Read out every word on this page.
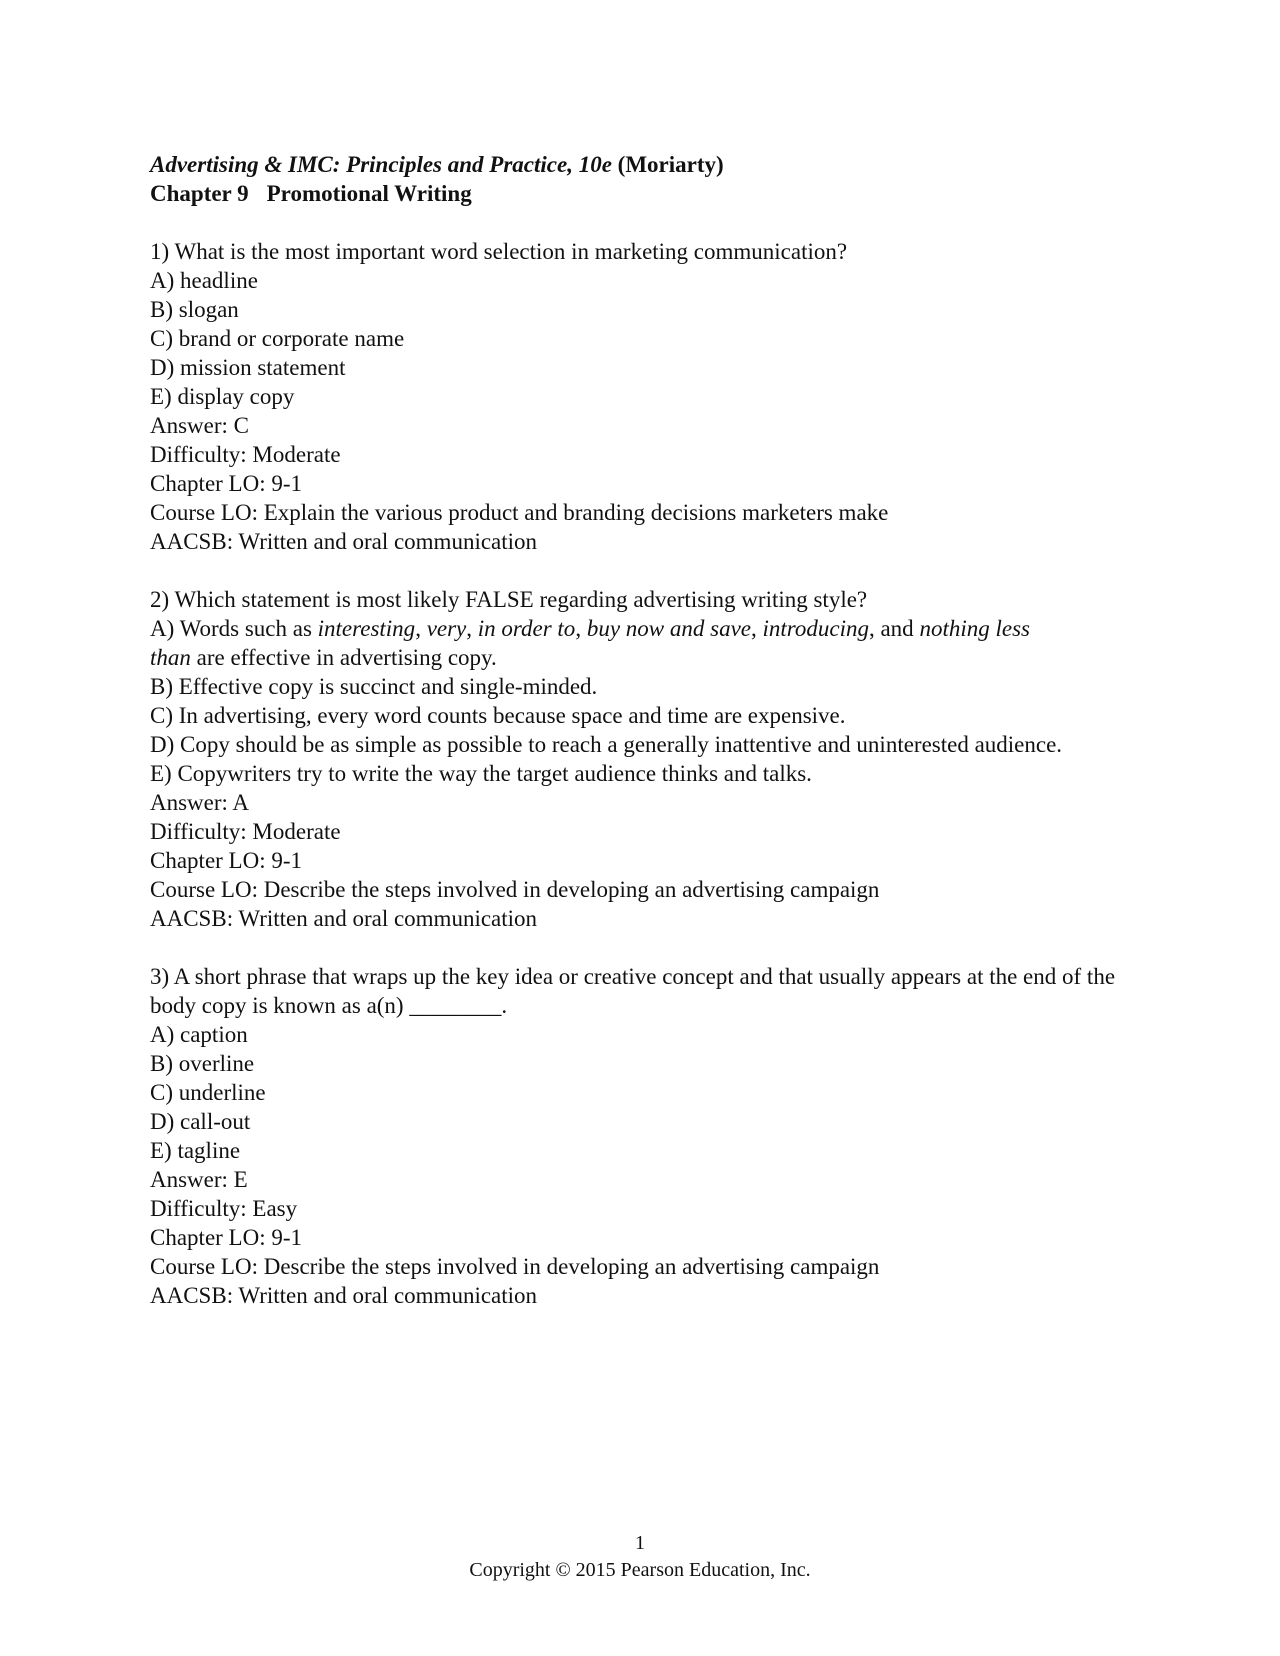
Advertising & IMC: Principles and Practice, 10e (Moriarty)
Chapter 9 Promotional Writing
1) What is the most important word selection in marketing communication?
A) headline
B) slogan
C) brand or corporate name
D) mission statement
E) display copy
Answer: C
Difficulty: Moderate
Chapter LO: 9-1
Course LO: Explain the various product and branding decisions marketers make
AACSB: Written and oral communication
2) Which statement is most likely FALSE regarding advertising writing style?
A) Words such as interesting, very, in order to, buy now and save, introducing, and nothing less
than are effective in advertising copy.
B) Effective copy is succinct and single-minded.
C) In advertising, every word counts because space and time are expensive.
D) Copy should be as simple as possible to reach a generally inattentive and uninterested audience.
E) Copywriters try to write the way the target audience thinks and talks.
Answer: A
Difficulty: Moderate
Chapter LO: 9-1
Course LO: Describe the steps involved in developing an advertising campaign
AACSB: Written and oral communication
3) A short phrase that wraps up the key idea or creative concept and that usually appears at the end of the body copy is known as a(n) ________.
A) caption
B) overline
C) underline
D) call-out
E) tagline
Answer: E
Difficulty: Easy
Chapter LO: 9-1
Course LO: Describe the steps involved in developing an advertising campaign
AACSB: Written and oral communication
1
Copyright © 2015 Pearson Education, Inc.
